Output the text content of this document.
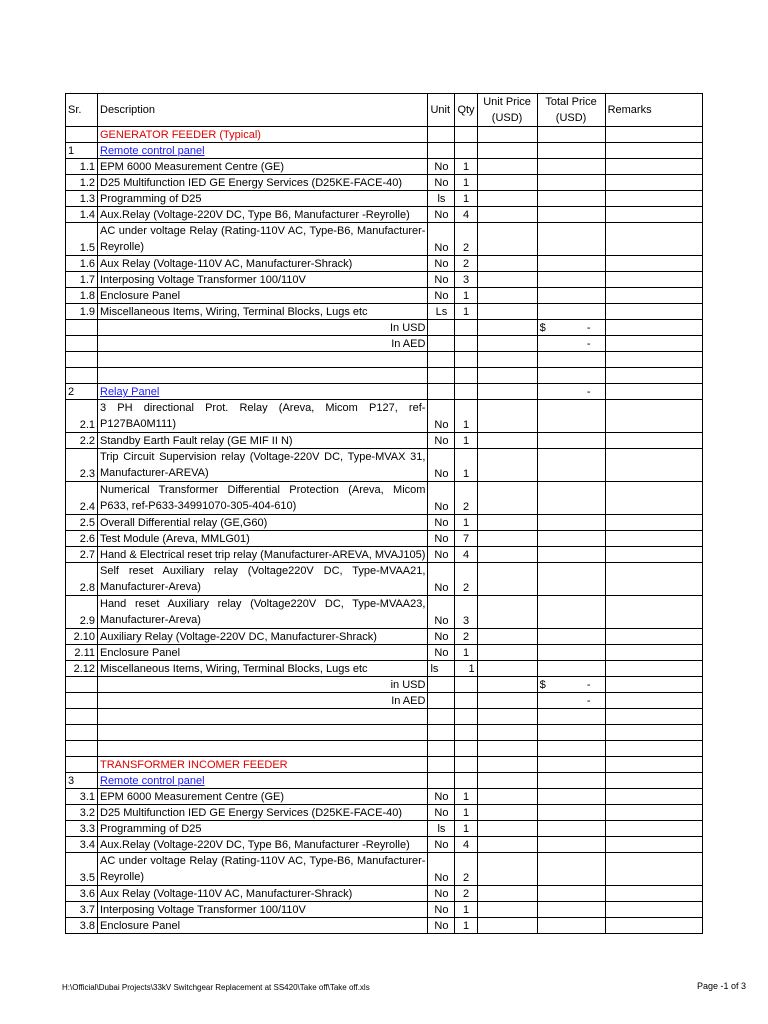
Sr.	Description	Unit	Qty	Unit Price (USD)	Total Price (USD)	Remarks
	GENERATOR FEEDER (Typical)					
1	Remote control panel					
1.1	EPM 6000 Measurement Centre (GE)	No	1			
1.2	D25 Multifunction IED GE Energy Services (D25KE-FACE-40)	No	1			
1.3	Programming of D25	ls	1			
1.4	Aux.Relay (Voltage-220V DC, Type B6, Manufacturer -Reyrolle)	No	4			
1.5	AC under voltage Relay (Rating-110V AC, Type-B6, Manufacturer-Reyrolle)	No	2			
1.6	Aux Relay (Voltage-110V AC, Manufacturer-Shrack)	No	2			
1.7	Interposing Voltage Transformer 100/110V	No	3			
1.8	Enclosure Panel	No	1			
1.9	Miscellaneous Items, Wiring, Terminal Blocks, Lugs etc	Ls	1			
	In USD				$ -	

	In AED				-	

2	Relay Panel				-	

2.1	3 PH directional Prot. Relay (Areva, Micom P127, ref-P127BA0M111)	No	1			
2.2	Standby Earth Fault relay (GE MIF II N)	No	1			
2.3	Trip Circuit Supervision relay (Voltage-220V DC, Type-MVAX 31, Manufacturer-AREVA)	No	1			
2.4	Numerical Transformer Differential Protection (Areva, Micom P633, ref-P633-34991070-305-404-610)	No	2			
2.5	Overall Differential relay (GE,G60)	No	1			
2.6	Test Module (Areva, MMLG01)	No	7			
2.7	Hand & Electrical reset trip relay (Manufacturer-AREVA, MVAJ105)	No	4			
2.8	Self reset Auxiliary relay (Voltage220V DC, Type-MVAA21, Manufacturer-Areva)	No	2			
2.9	Hand reset Auxiliary relay (Voltage220V DC, Type-MVAA23, Manufacturer-Areva)	No	3			
2.10	Auxiliary Relay (Voltage-220V DC, Manufacturer-Shrack)	No	2			
2.11	Enclosure Panel	No	1			
2.12	Miscellaneous Items, Wiring, Terminal Blocks, Lugs etc	ls	1			
	in USD				$ -	

	In AED				-	

	TRANSFORMER INCOMER FEEDER					
3	Remote control panel					
3.1	EPM 6000 Measurement Centre (GE)	No	1			
3.2	D25 Multifunction IED GE Energy Services (D25KE-FACE-40)	No	1			
3.3	Programming of D25	ls	1			
3.4	Aux.Relay (Voltage-220V DC, Type B6, Manufacturer -Reyrolle)	No	4			
3.5	AC under voltage Relay (Rating-110V AC, Type-B6, Manufacturer-Reyrolle)	No	2			
3.6	Aux Relay (Voltage-110V AC, Manufacturer-Shrack)	No	2			
3.7	Interposing Voltage Transformer 100/110V	No	1			
3.8	Enclosure Panel	No	1			
H:\Official\Dubai Projects\33kV Switchgear Replacement at SS420\Take off\Take off.xls	Page -1 of 3
